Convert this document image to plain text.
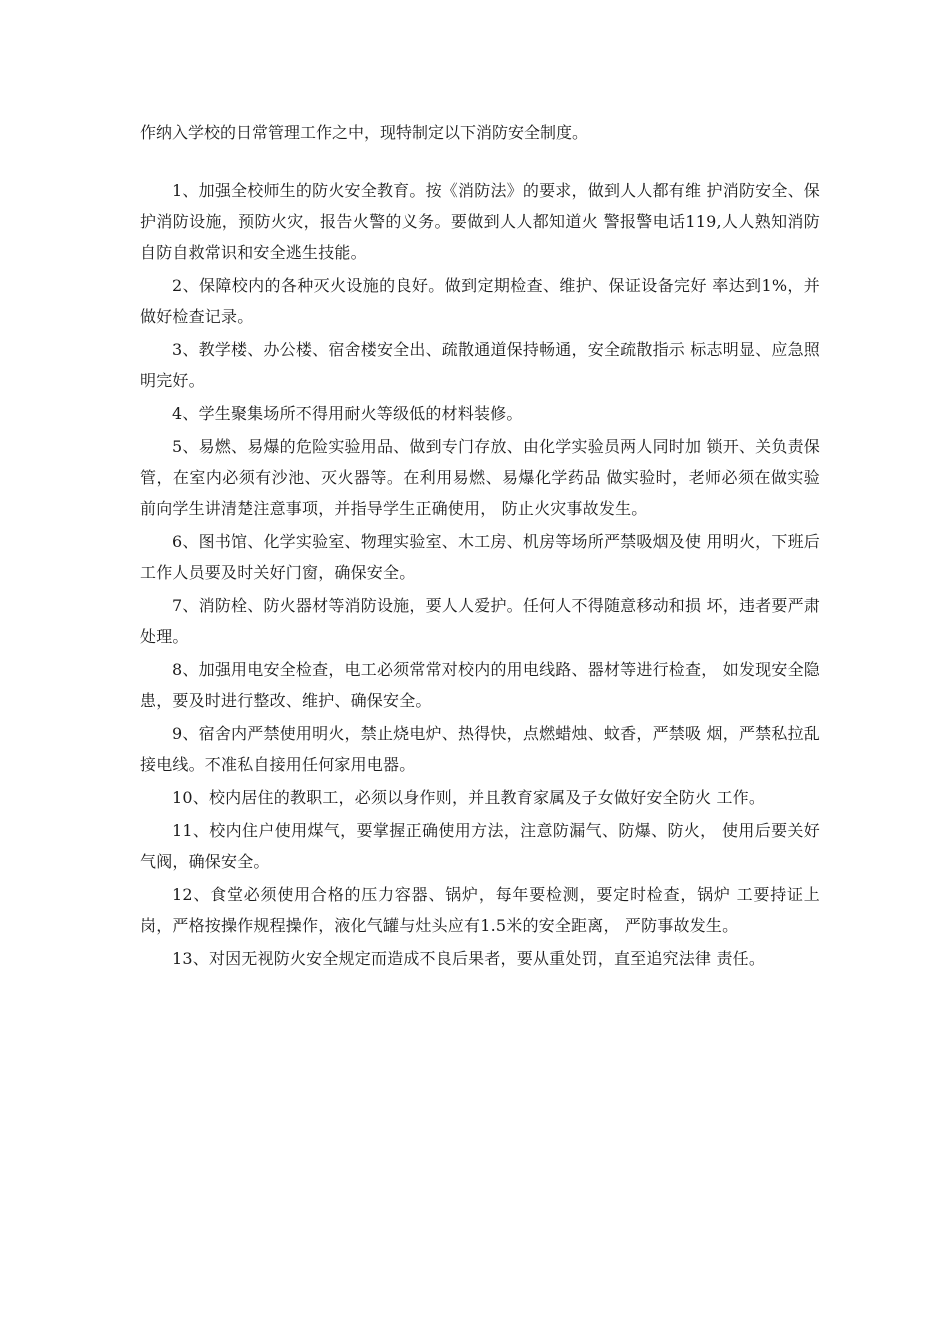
作纳入学校的日常管理工作之中，现特制定以下消防安全制度。

1、加强全校师生的防火安全教育。按《消防法》的要求，做到人人都有维 护消防安全、保护消防设施，预防火灾，报告火警的义务。要做到人人都知道火 警报警电话119,人人熟知消防自防自救常识和安全逃生技能。

2、保障校内的各种灭火设施的良好。做到定期检查、维护、保证设备完好 率达到1%，并做好检查记录。

3、教学楼、办公楼、宿舍楼安全出、疏散通道保持畅通，安全疏散指示 标志明显、应急照明完好。

4、学生聚集场所不得用耐火等级低的材料装修。

5、易燃、易爆的危险实验用品、做到专门存放、由化学实验员两人同时加 锁开、关负责保管，在室内必须有沙池、灭火器等。在利用易燃、易爆化学药品 做实验时，老师必须在做实验前向学生讲清楚注意事项，并指导学生正确使用， 防止火灾事故发生。

6、图书馆、化学实验室、物理实验室、木工房、机房等场所严禁吸烟及使 用明火，下班后工作人员要及时关好门窗，确保安全。

7、消防栓、防火器材等消防设施，要人人爱护。任何人不得随意移动和损 坏，违者要严肃处理。

8、加强用电安全检查，电工必须常常对校内的用电线路、器材等进行检查， 如发现安全隐患，要及时进行整改、维护、确保安全。

9、宿舍内严禁使用明火，禁止烧电炉、热得快，点燃蜡烛、蚊香，严禁吸 烟，严禁私拉乱接电线。不准私自接用任何家用电器。

10、校内居住的教职工，必须以身作则，并且教育家属及子女做好安全防火 工作。

11、校内住户使用煤气，要掌握正确使用方法，注意防漏气、防爆、防火， 使用后要关好气阀，确保安全。

12、食堂必须使用合格的压力容器、锅炉，每年要检测，要定时检查，锅炉 工要持证上岗，严格按操作规程操作，液化气罐与灶头应有1.5米的安全距离， 严防事故发生。

13、对因无视防火安全规定而造成不良后果者，要从重处罚，直至追究法律 责任。
